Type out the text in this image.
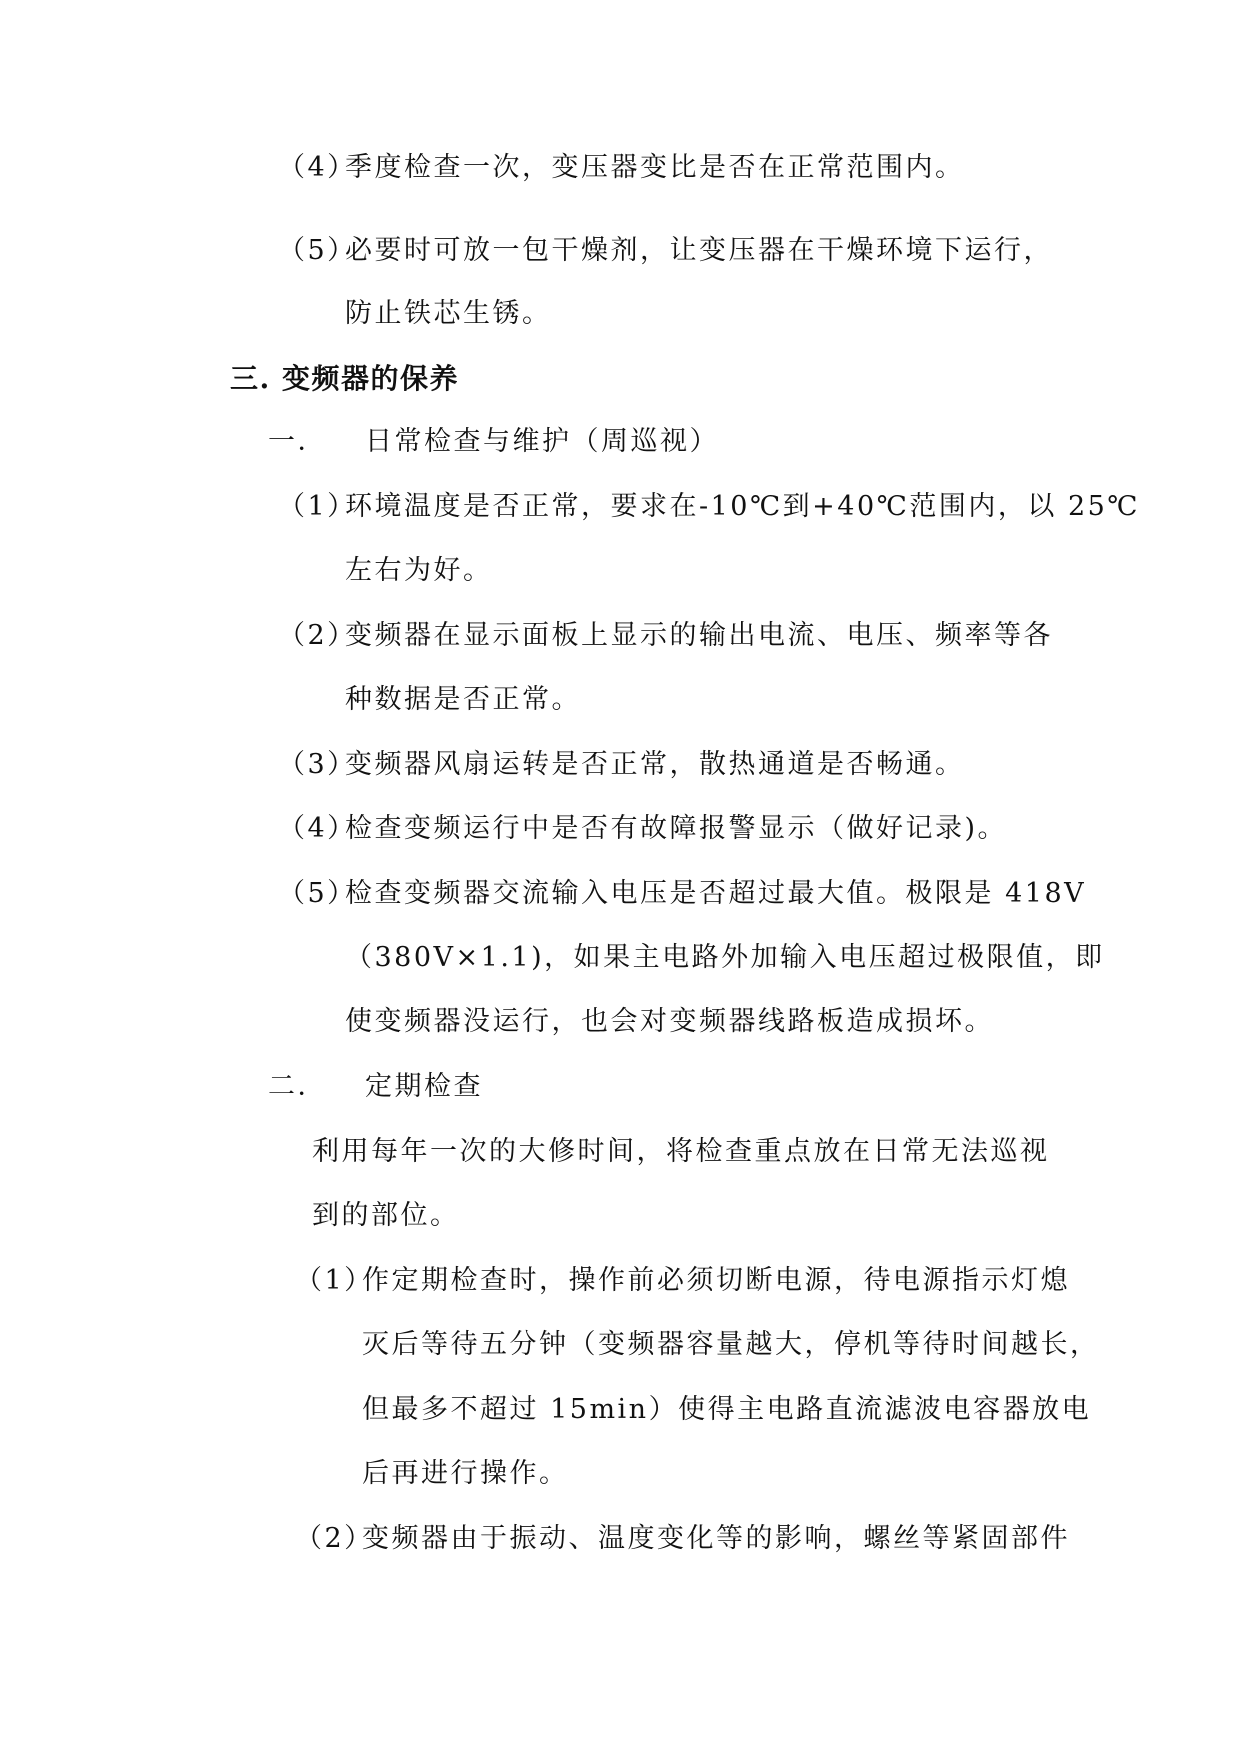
（4）
季度检查一次，变压器变比是否在正常范围内。
（5）
必要时可放一包干燥剂，让变压器在干燥环境下运行，
防止铁芯生锈。
三. 变频器的保养
一． 日常检查与维护（周巡视）
（1）
环境温度是否正常，要求在-10℃到+40℃范围内，以 25℃
左右为好。
（2）
变频器在显示面板上显示的输出电流、电压、频率等各
种数据是否正常。
（3）
变频器风扇运转是否正常，散热通道是否畅通。
（4）
检查变频运行中是否有故障报警显示（做好记录)。
（5）
检查变频器交流输入电压是否超过最大值。极限是 418V
（380V×1.1)，如果主电路外加输入电压超过极限值，即
使变频器没运行，也会对变频器线路板造成损坏。
二． 定期检查
利用每年一次的大修时间，将检查重点放在日常无法巡视
到的部位。
（1）
作定期检查时，操作前必须切断电源，待电源指示灯熄
灭后等待五分钟（变频器容量越大，停机等待时间越长，
但最多不超过 15min）使得主电路直流滤波电容器放电
后再进行操作。
（2）
变频器由于振动、温度变化等的影响，螺丝等紧固部件
